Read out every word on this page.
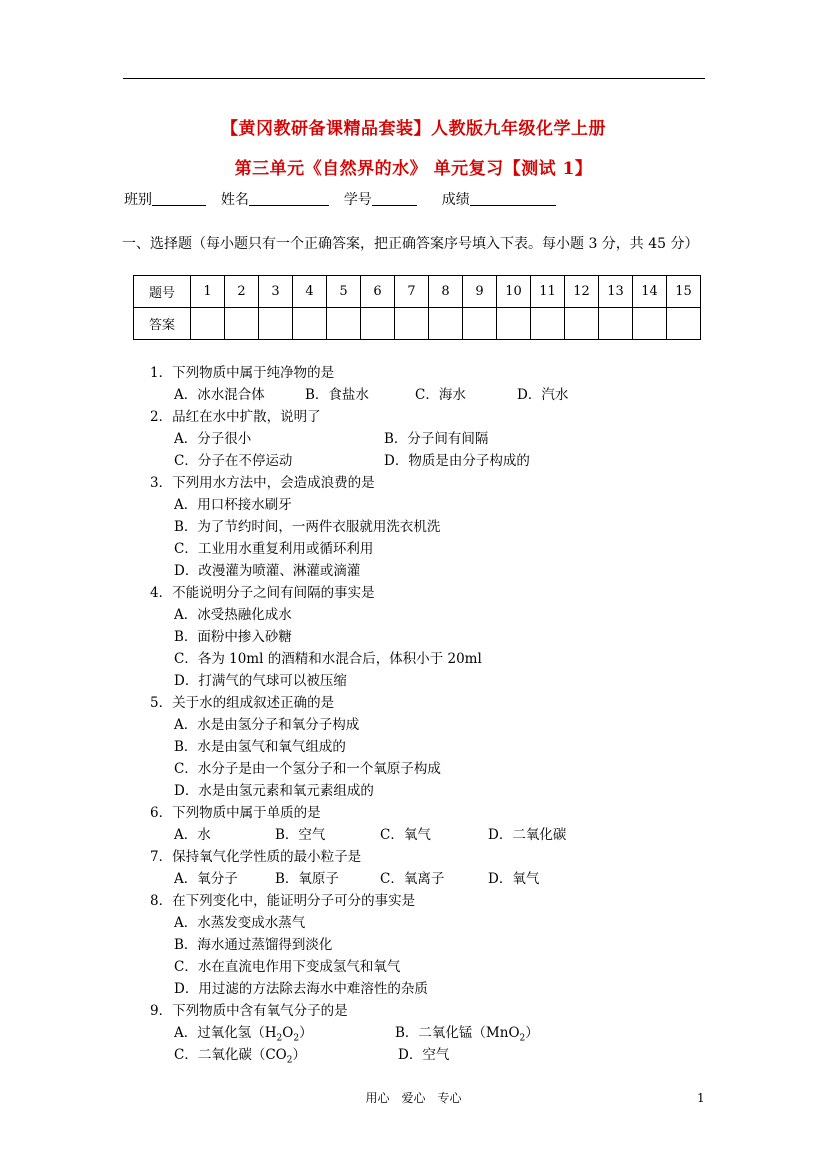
【黄冈教研备课精品套装】人教版九年级化学上册
第三单元《自然界的水》 单元复习【测试 1】
班别	姓名	学号	成绩
一、选择题（每小题只有一个正确答案，把正确答案序号填入下表。每小题 3 分，共 45 分）
题号	1	2	3	4	5	6	7	8	9	10	11	12	13	14	15
答案															
1．下列物质中属于纯净物的是
A．冰水混合体	B．食盐水	C．海水	D．汽水
2．品红在水中扩散，说明了
A．分子很小	B．分子间有间隔
C．分子在不停运动	D．物质是由分子构成的
3．下列用水方法中，会造成浪费的是
A．用口杯接水刷牙
B．为了节约时间，一两件衣服就用洗衣机洗
C．工业用水重复利用或循环利用
D．改漫灌为喷灌、淋灌或滴灌
4．不能说明分子之间有间隔的事实是
A．冰受热融化成水
B．面粉中掺入砂糖
C．各为 10ml 的酒精和水混合后，体积小于 20ml
D．打满气的气球可以被压缩
5．关于水的组成叙述正确的是
A．水是由氢分子和氧分子构成
B．水是由氢气和氧气组成的
C．水分子是由一个氢分子和一个氧原子构成
D．水是由氢元素和氧元素组成的
6．下列物质中属于单质的是
A．水	B．空气	C．氧气	D．二氧化碳
7．保持氧气化学性质的最小粒子是
A．氧分子	B．氧原子	C．氧离子	D．氧气
8．在下列变化中，能证明分子可分的事实是
A．水蒸发变成水蒸气
B．海水通过蒸馏得到淡化
C．水在直流电作用下变成氢气和氧气
D．用过滤的方法除去海水中难溶性的杂质
9．下列物质中含有氧气分子的是
A．过氧化氢$(H_2O_2)$	B．二氧化锰（MnO$_2$）
C．二氧化碳$(CO_2)$	D．空气
用心　爱心　专心	1
